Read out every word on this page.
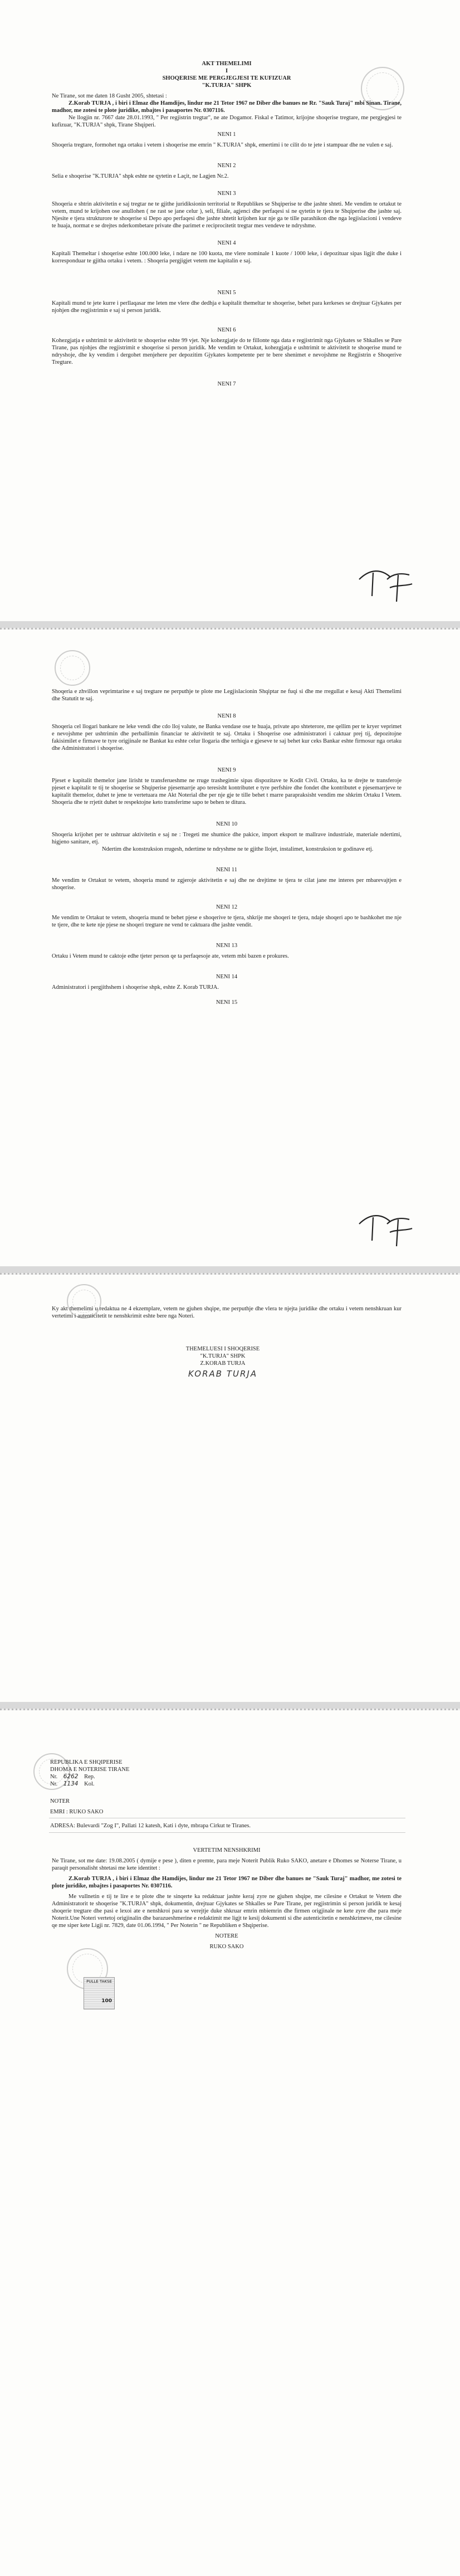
AKT THEMELIMI
I
SHOQERISE ME PERGJEGJESI TE KUFIZUAR
"K.TURJA" SHPK

Ne Tirane, sot me daten 18 Gusht 2005, shtetasi :

Z.Korab TURJA , i biri i Elmaz dhe Hamdijes, lindur me 21 Tetor 1967 ne Diber dhe banues ne Rr. "Sauk Turaj" mbi Sinan. Tirane, madhor, me zotesi te plote juridike, mbajtes i pasaportes Nr. 0307116.

Ne llogjin nr. 7667 date 28.01.1993, " Per regjistrin tregtar", ne ate Dogamor. Fiskal e Tatimor, krijojne shoqerise tregtare, me pergjegjesi te kufizuar, "K.TURJA" shpk, Tirane Shqiperi.

NENI 1

Shoqeria tregtare, formohet nga ortaku i vetem i shoqerise me emrin " K.TURJA" shpk, emertimi i te cilit do te jete i stampuar dhe ne vulen e saj.

NENI 2

Selia e shoqerise "K.TURJA" shpk eshte ne qytetin e Laçit, ne Lagjen Nr.2.

NENI 3

Shoqeria e shtrin aktivitetin e saj tregtar ne te gjithe juridiksionin territorial te Republikes se Shqiperise te dhe jashte shteti. Me vendim te ortakut te vetem, mund te krijohen ose anullohen ( ne rast se jane celur ), seli, filiale, agjenci dhe perfaqesi si ne qytetin te tjera te Shqiperise dhe jashte saj. Njesite e tjera strukturore te shoqerise si Depo apo perfaqesi dhe jashte shtetit krijohen kur nje ga te tille parashikon dhe nga legjislacioni i vendeve te huaja, normat e se drejtes nderkombetare private dhe parimet e reciprocitetit tregtar mes vendeve te ndryshme.

NENI 4

Kapitali Themeltar i shoqerise eshte 100.000 leke, i ndare ne 100 kuota, me vlere nominale 1 kuote / 1000 leke, i depozituar sipas ligjit dhe duke i korresponduar te gjitha ortaku i vetem. : Shoqeria pergjigjet vetem me kapitalin e saj.

NENI 5

Kapitali mund te jete kurre i perllaqasar me leten me vlere dhe dedhja e kapitalit themeltar te shoqerise, behet para kerkeses se drejtuar Gjykates per njohjen dhe regjistrimin e saj si person juridik.

NENI 6

Kohezgjatja e ushtrimit te aktivitetit te shoqerise eshte 99 vjet. Nje kohezgjatje do te fillonte nga data e regjistrimit nga Gjykates se Shkalles se Pare Tirane, pas njohjes dhe regjistrimit e shoqerise si person juridik. Me vendim te Ortakut, kohezgjatja e ushtrimit te aktivitetit te shoqerise mund te ndryshoje, dhe ky vendim i dergohet menjehere per depozitim Gjykates kompetente per te bere shenimet e nevojshme ne Regjistrin e Shoqerive Tregtare.

NENI 7

Shoqeria e zhvillon veprimtarine e saj tregtare ne perputhje te plote me Legjislacionin Shqiptar ne fuqi si dhe me rregullat e kesaj Akti Themelimi dhe Statutit te saj.

NENI 8

Shoqeria cel llogari bankare ne leke vendi dhe cdo lloj valute, ne Banka vendase ose te huaja, private apo shteterore, me qellim per te kryer veprimet e nevojshme per ushtrimin dhe perballimin financiar te aktivitetit te saj. Ortaku i Shoqerise ose administratori i caktuar prej tij, depozitojne fakisimilet e firmave te tyre origjinale ne Bankat ku eshte celur llogaria dhe terhiqja e gjeseve te saj behet kur ceks Bankar eshte firmosur nga ortaku dhe Administratori i shoqerise.

NENI 9

Pjeset e kapitalit themelor jane lirisht te transferueshme ne rruge trashegimie sipas dispozitave te Kodit Civil. Ortaku, ka te drejte te transferoje pjeset e kapitalit te tij te shoqerise se Shqiperise pjesemarrje apo teresisht kontributet e tyre perfshire dhe fondet dhe kontributet e pjesemarrjeve te kapitalit themelor, duhet te jene te vertetuara me Akt Noterial dhe per nje gje te tille behet t marre parapraksisht vendim me shkrim Ortaku I Vetem. Shoqeria dhe te rrjetit duhet te respektojne keto transferime sapo te behen te ditura.

NENI 10

Shoqeria krijohet per te ushtruar aktivitetin e saj ne : Tregeti me shumice dhe pakice, import eksport te mallrave industriale, materiale ndertimi, higjeno sanitare, etj.

Ndertim dhe konstruksion rrugesh, ndertime te ndryshme ne te gjithe llojet, instalimet, konstruksion te godinave etj.

NENI 11

Me vendim te Ortakut te vetem, shoqeria mund te zgjeroje aktivitetin e saj dhe ne drejtime te tjera te cilat jane me interes per mbarevajtjen e shoqerise.

NENI 12

Me vendim te Ortakut te vetem, shoqeria mund te behet pjese e shoqerive te tjera, shkrije me shoqeri te tjera, ndaje shoqeri apo te bashkohet me nje te tjere, dhe te kete nje pjese ne shoqeri tregtare ne vend te caktuara dhe jashte vendit.

NENI 13

Ortaku i Vetem mund te caktoje edhe tjeter person qe ta perfaqesoje ate, vetem mbi bazen e prokures.

NENI 14

Administratori i pergjithshem i shoqerise shpk, eshte Z. Korab TURJA.

NENI 15

Ky akt themelimi u redaktua ne 4 ekzemplare, vetem ne gjuhen shqipe, me perputhje dhe vlera te njejta juridike dhe ortaku i vetem nenshkruan kur vertetimi i autenticitetit te nenshkrimit eshte bere nga Noteri.

THEMELUESI I SHOQERISE
"K.TURJA" SHPK
Z.KORAB TURJA
KORAB TURJA
REPUBLIKA E SHQIPERISE
DHOMA E NOTERISE TIRANE
Nr. 6262 Rep.
Nr. 1134 Kol.
NOTER
EMRI : RUKO SAKO
ADRESA: Bulevardi "Zog I", Pallati 12 katesh, Kati i dyte, mbrapa Cirkut te Tiranes.
VERTETIM NENSHKRIMI

Ne Tirane, sot me date: 19.08.2005 ( dymije e pese ), diten e premte, para meje Noterit Publik Ruko SAKO, anetare e Dhomes se Noterse Tirane, u paraqit personalisht shtetasi me kete identitet :

Z.Korab TURJA , i biri i Elmaz dhe Hamdijes, lindur me 21 Tetor 1967 ne Diber dhe banues ne "Sauk Turaj" madhor, me zotesi te plote juridike, mbajtes i pasaportes Nr. 0307116.

Me vullnetin e tij te lire e te plote dhe te sinqerte ka redaktuar jashte keraj zyre ne gjuhen shqipe, me cilesine e Ortakut te Vetem dhe Administratorit te shoqerise "K.TURJA" shpk, dokumentin, drejtuar Gjykates se Shkalles se Pare Tirane, per regjistrimin si person juridik te kesaj shoqerie tregtare dhe pasi e lexoi ate e nenshkroi para se verejtje duke shkruar emrin mbiemrin dhe firmen origjinale ne kete zyre dhe para meje Noterit.Une Noteri vertetoj origjinalin dhe barazueshmerine e redaktimit me ligjt te kesij dokumenti si dhe autenticitetin e nenshkrimeve, me cilesine qe me siper kete Ligji nr. 7829, date 01.06.1994, " Per Noterin " ne Republiken e Shqiperise.

NOTERE
RUKO SAKO
PULLE TAKSE
100
